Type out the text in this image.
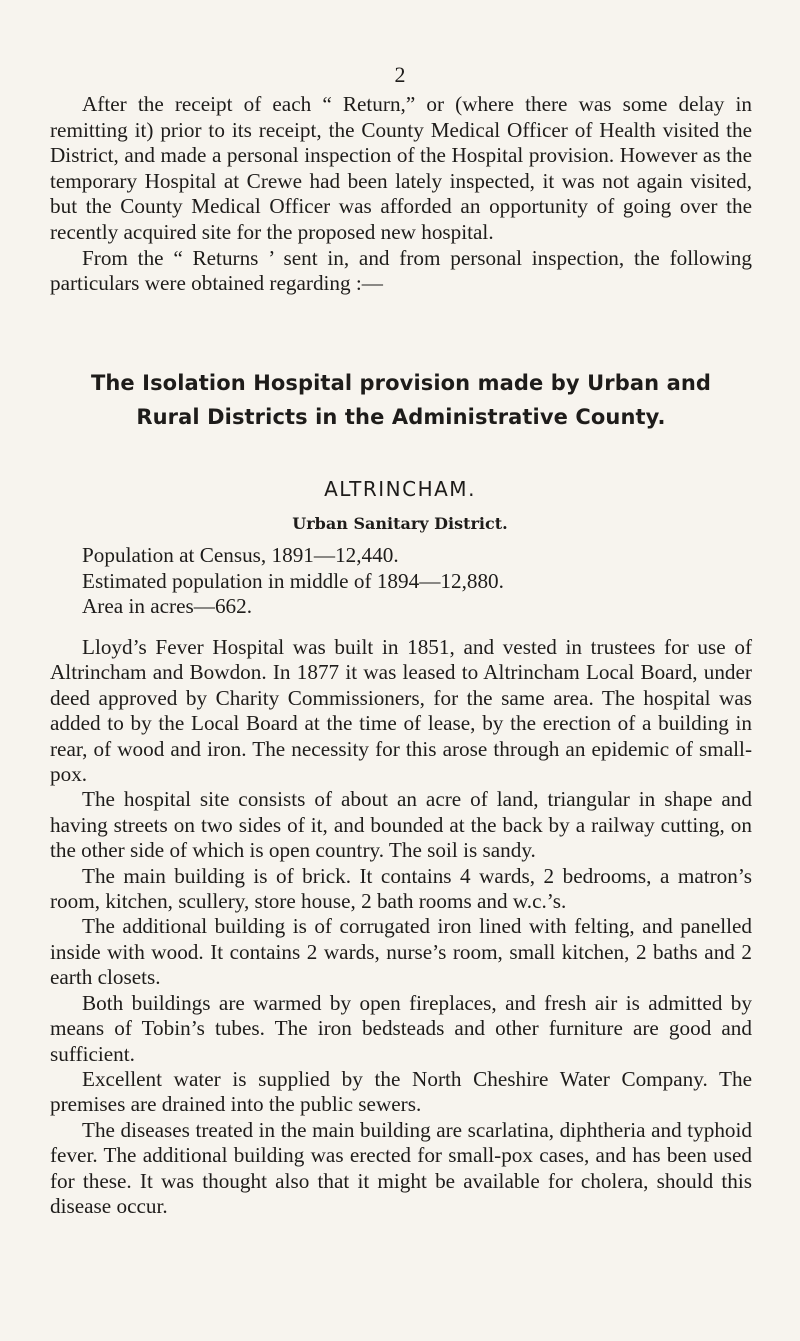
2

After the receipt of each “ Return,” or (where there was some delay in remitting it) prior to its receipt, the County Medical Officer of Health visited the District, and made a personal inspection of the Hospital provision. However as the temporary Hospital at Crewe had been lately inspected, it was not again visited, but the County Medical Officer was afforded an opportunity of going over the recently acquired site for the proposed new hospital.

From the “ Returns ’ sent in, and from personal inspection, the following particulars were obtained regarding :—

The Isolation Hospital provision made by Urban and
Rural Districts in the Administrative County.
ALTRINCHAM.
Urban Sanitary District.
Population at Census, 1891—12,440.
Estimated population in middle of 1894—12,880.
Area in acres—662.

Lloyd’s Fever Hospital was built in 1851, and vested in trustees for use of Altrincham and Bowdon. In 1877 it was leased to Altrincham Local Board, under deed approved by Charity Commissioners, for the same area. The hospital was added to by the Local Board at the time of lease, by the erection of a building in rear, of wood and iron. The necessity for this arose through an epidemic of small-pox.

The hospital site consists of about an acre of land, triangular in shape and having streets on two sides of it, and bounded at the back by a railway cutting, on the other side of which is open country. The soil is sandy.

The main building is of brick. It contains 4 wards, 2 bedrooms, a matron’s room, kitchen, scullery, store house, 2 bath rooms and w.c.’s.

The additional building is of corrugated iron lined with felting, and panelled inside with wood. It contains 2 wards, nurse’s room, small kitchen, 2 baths and 2 earth closets.

Both buildings are warmed by open fireplaces, and fresh air is admitted by means of Tobin’s tubes. The iron bedsteads and other furniture are good and sufficient.

Excellent water is supplied by the North Cheshire Water Company. The premises are drained into the public sewers.

The diseases treated in the main building are scarlatina, diphtheria and typhoid fever. The additional building was erected for small-pox cases, and has been used for these. It was thought also that it might be available for cholera, should this disease occur.
